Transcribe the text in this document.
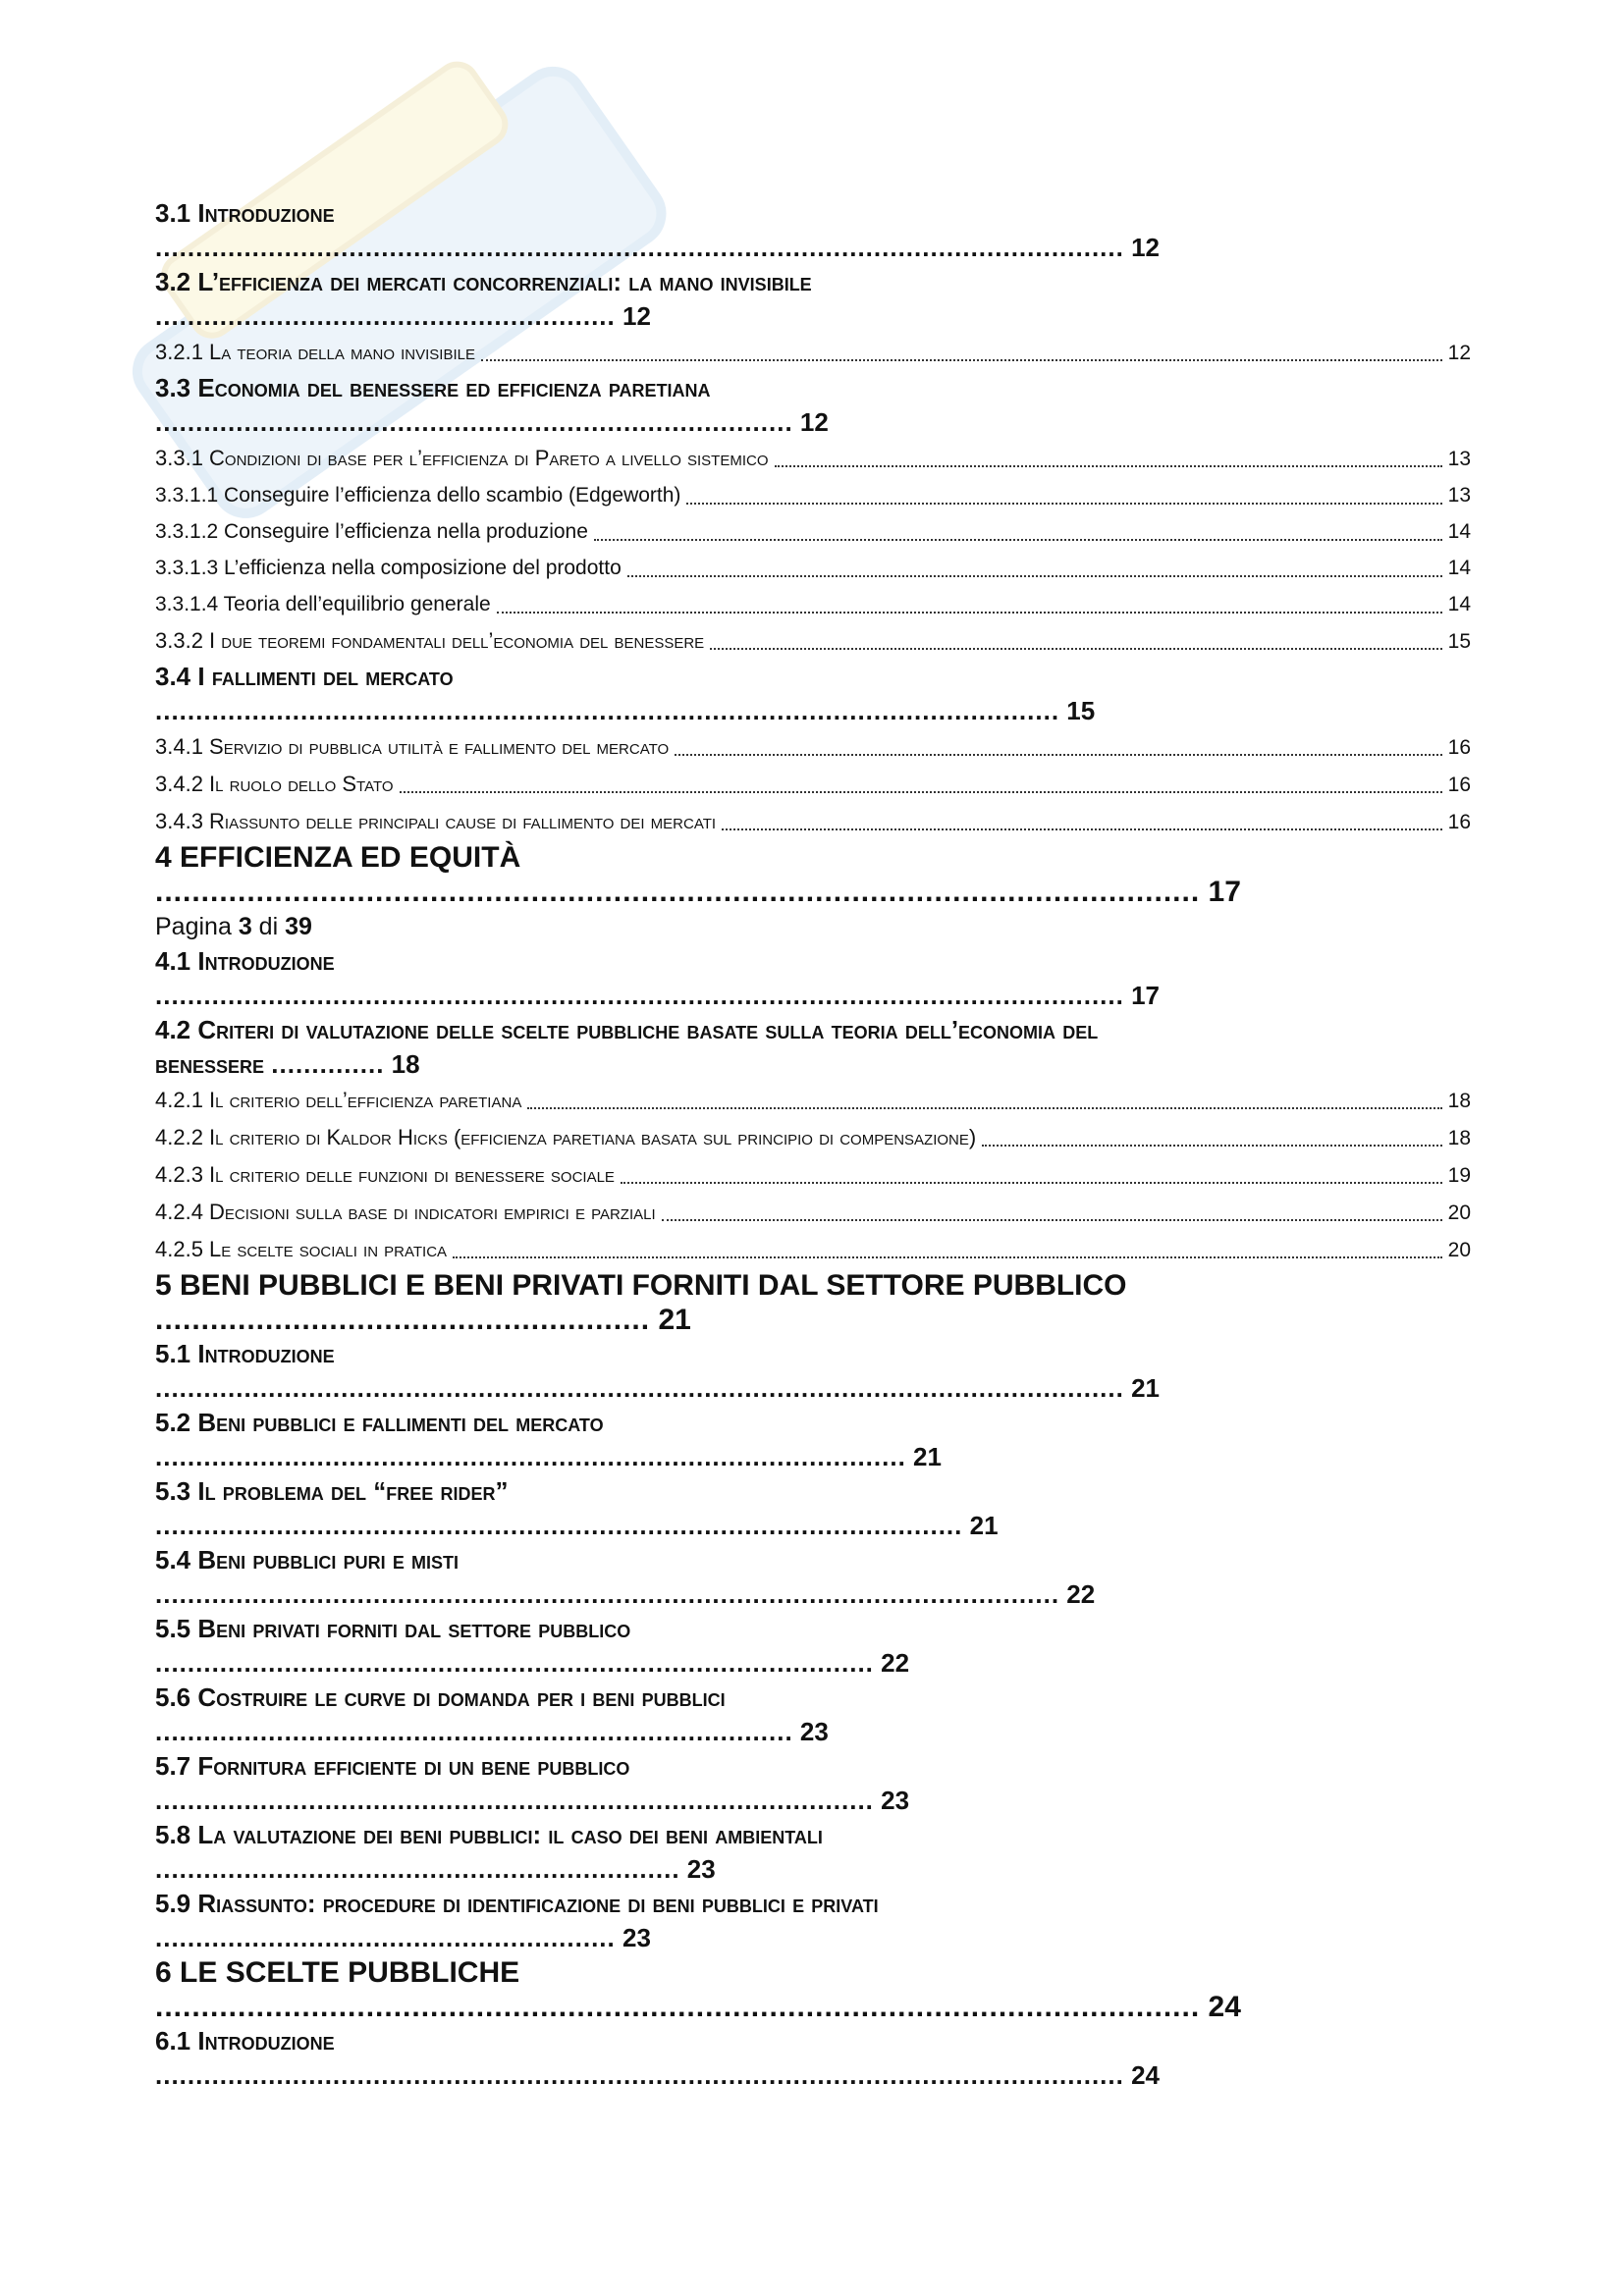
3.1 Introduzione
........................................................................................................................ 12
3.2 L’efficienza dei mercati concorrenziali: la mano invisibile
......................................................... 12
3.2.1 La teoria della mano invisibile	12
3.3 Economia del benessere ed efficienza paretiana
............................................................................... 12
3.3.1 Condizioni di base per l’efficienza di Pareto a livello sistemico	13
3.3.1.1 Conseguire l’efficienza dello scambio (Edgeworth)	13
3.3.1.2 Conseguire l’efficienza nella produzione	14
3.3.1.3 L’efficienza nella composizione del prodotto	14
3.3.1.4 Teoria dell’equilibrio generale	14
3.3.2 I due teoremi fondamentali dell’economia del benessere	15
3.4 I fallimenti del mercato
................................................................................................................ 15
3.4.1 Servizio di pubblica utilità e fallimento del mercato	16
3.4.2 Il ruolo dello Stato	16
3.4.3 Riassunto delle principali cause di fallimento dei mercati	16
4 EFFICIENZA ED EQUITÀ
.................................................................................................................. 17
Pagina 3 di 39
4.1 Introduzione
........................................................................................................................ 17
4.2 Criteri di valutazione delle scelte pubbliche basate sulla teoria dell’economia del
benessere .............. 18
4.2.1 Il criterio dell’efficienza paretiana	18
4.2.2 Il criterio di Kaldor Hicks (efficienza paretiana basata sul principio di compensazione)	18
4.2.3 Il criterio delle funzioni di benessere sociale	19
4.2.4 Decisioni sulla base di indicatori empirici e parziali	20
4.2.5 Le scelte sociali in pratica	20
5 BENI PUBBLICI E BENI PRIVATI FORNITI DAL SETTORE PUBBLICO
...................................................... 21
5.1 Introduzione
........................................................................................................................ 21
5.2 Beni pubblici e fallimenti del mercato
............................................................................................. 21
5.3 Il problema del “free rider”
.................................................................................................... 21
5.4 Beni pubblici puri e misti
................................................................................................................ 22
5.5 Beni privati forniti dal settore pubblico
......................................................................................... 22
5.6 Costruire le curve di domanda per i beni pubblici
............................................................................... 23
5.7 Fornitura efficiente di un bene pubblico
......................................................................................... 23
5.8 La valutazione dei beni pubblici: il caso dei beni ambientali
................................................................. 23
5.9 Riassunto: procedure di identificazione di beni pubblici e privati
......................................................... 23
6 LE SCELTE PUBBLICHE
.................................................................................................................. 24
6.1 Introduzione
........................................................................................................................ 24
